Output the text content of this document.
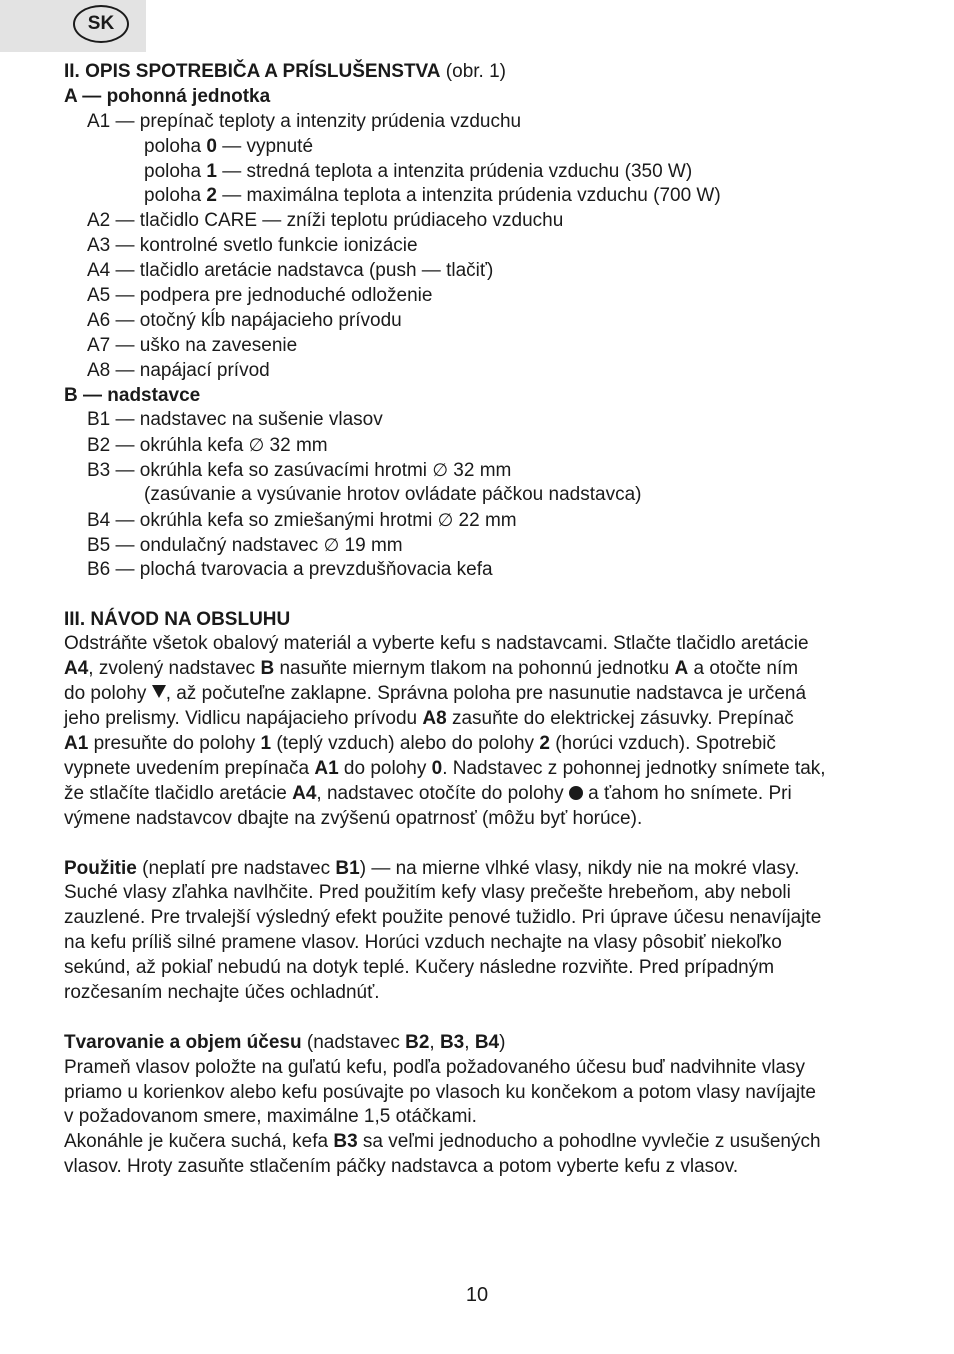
SK
II. OPIS SPOTREBIČA A PRÍSLUŠENSTVA (obr. 1)
A — pohonná jednotka
A1 — prepínač teploty a intenzity prúdenia vzduchu
poloha 0 — vypnuté
poloha 1 — stredná teplota a intenzita prúdenia vzduchu (350 W)
poloha 2 — maximálna teplota a intenzita prúdenia vzduchu (700 W)
A2 — tlačidlo CARE — zníži teplotu prúdiaceho vzduchu
A3 — kontrolné svetlo funkcie ionizácie
A4 — tlačidlo aretácie nadstavca (push — tlačiť)
A5 — podpera pre jednoduché odloženie
A6 — otočný kĺb napájacieho prívodu
A7 — uško na zavesenie
A8 — napájací prívod
B — nadstavce
B1 — nadstavec na sušenie vlasov
B2 — okrúhla kefa ∅ 32 mm
B3 — okrúhla kefa so zasúvacími hrotmi ∅ 32 mm
(zasúvanie a vysúvanie hrotov ovládate páčkou nadstavca)
B4 — okrúhla kefa so zmiešanými hrotmi ∅ 22 mm
B5 — ondulačný nadstavec ∅ 19 mm
B6 — plochá tvarovacia a prevzdušňovacia kefa
III. NÁVOD NA OBSLUHU
Odstráňte všetok obalový materiál a vyberte kefu s nadstavcami. Stlačte tlačidlo aretácie
A4, zvolený nadstavec B nasuňte miernym tlakom na pohonnú jednotku A a otočte ním
do polohy , až počuteľne zaklapne. Správna poloha pre nasunutie nadstavca je určená
jeho prelismy. Vidlicu napájacieho prívodu A8 zasuňte do elektrickej zásuvky. Prepínač
A1 presuňte do polohy 1 (teplý vzduch) alebo do polohy 2 (horúci vzduch). Spotrebič
vypnete uvedením prepínača A1 do polohy 0. Nadstavec z pohonnej jednotky snímete tak,
že stlačíte tlačidlo aretácie A4, nadstavec otočíte do polohy  a ťahom ho snímete. Pri
výmene nadstavcov dbajte na zvýšenú opatrnosť (môžu byť horúce).
Použitie (neplatí pre nadstavec B1) — na mierne vlhké vlasy, nikdy nie na mokré vlasy.
Suché vlasy zľahka navlhčite. Pred použitím kefy vlasy prečešte hrebeňom, aby neboli
zauzlené. Pre trvalejší výsledný efekt použite penové tužidlo. Pri úprave účesu nenavíjajte
na kefu príliš silné pramene vlasov. Horúci vzduch nechajte na vlasy pôsobiť niekoľko
sekúnd, až pokiaľ nebudú na dotyk teplé. Kučery následne rozviňte. Pred prípadným
rozčesaním nechajte účes ochladnúť.
Tvarovanie a objem účesu (nadstavec B2, B3, B4)
Prameň vlasov položte na guľatú kefu, podľa požadovaného účesu buď nadvihnite vlasy
priamo u korienkov alebo kefu posúvajte po vlasoch ku končekom a potom vlasy navíjajte
v požadovanom smere, maximálne 1,5 otáčkami.
Akonáhle je kučera suchá, kefa B3 sa veľmi jednoducho a pohodlne vyvlečie z usušených
vlasov. Hroty zasuňte stlačením páčky nadstavca a potom vyberte kefu z vlasov.
10
